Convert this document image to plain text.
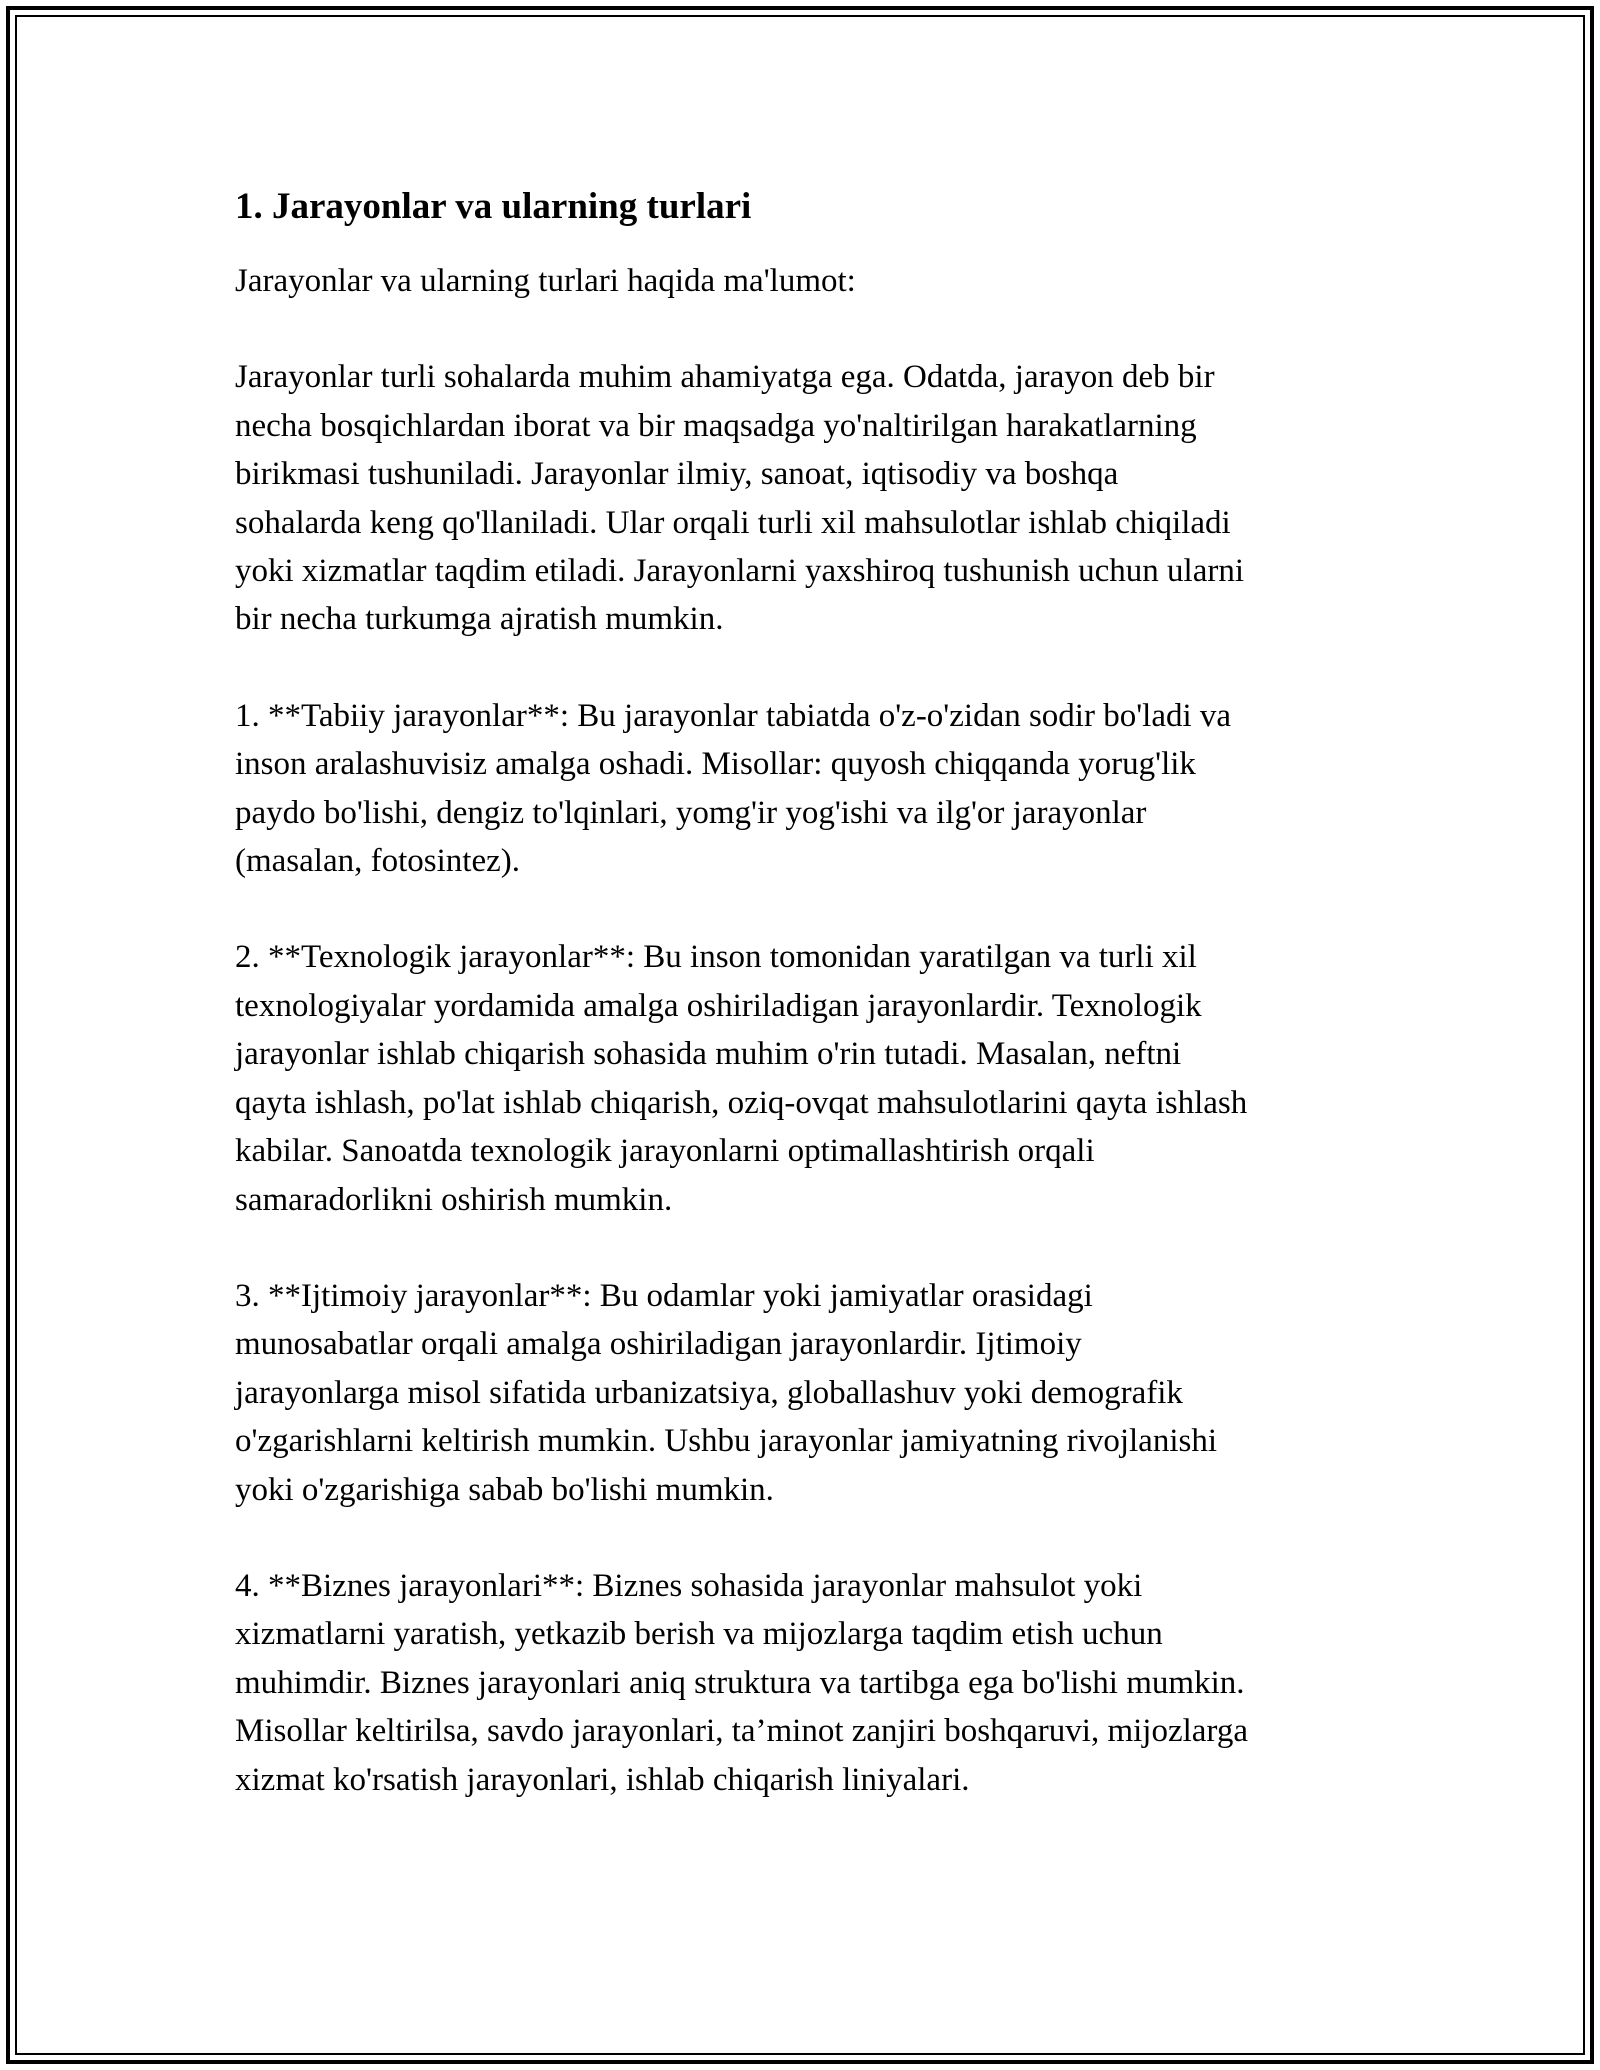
1. Jarayonlar va ularning turlari

Jarayonlar va ularning turlari haqida ma'lumot:

Jarayonlar turli sohalarda muhim ahamiyatga ega. Odatda, jarayon deb bir
necha bosqichlardan iborat va bir maqsadga yo'naltirilgan harakatlarning
birikmasi tushuniladi. Jarayonlar ilmiy, sanoat, iqtisodiy va boshqa
sohalarda keng qo'llaniladi. Ular orqali turli xil mahsulotlar ishlab chiqiladi
yoki xizmatlar taqdim etiladi. Jarayonlarni yaxshiroq tushunish uchun ularni
bir necha turkumga ajratish mumkin.

1. **Tabiiy jarayonlar**: Bu jarayonlar tabiatda o'z-o'zidan sodir bo'ladi va
inson aralashuvisiz amalga oshadi. Misollar: quyosh chiqqanda yorug'lik
paydo bo'lishi, dengiz to'lqinlari, yomg'ir yog'ishi va ilg'or jarayonlar
(masalan, fotosintez).

2. **Texnologik jarayonlar**: Bu inson tomonidan yaratilgan va turli xil
texnologiyalar yordamida amalga oshiriladigan jarayonlardir. Texnologik
jarayonlar ishlab chiqarish sohasida muhim o'rin tutadi. Masalan, neftni
qayta ishlash, po'lat ishlab chiqarish, oziq-ovqat mahsulotlarini qayta ishlash
kabilar. Sanoatda texnologik jarayonlarni optimallashtirish orqali
samaradorlikni oshirish mumkin.

3. **Ijtimoiy jarayonlar**: Bu odamlar yoki jamiyatlar orasidagi
munosabatlar orqali amalga oshiriladigan jarayonlardir. Ijtimoiy
jarayonlarga misol sifatida urbanizatsiya, globallashuv yoki demografik
o'zgarishlarni keltirish mumkin. Ushbu jarayonlar jamiyatning rivojlanishi
yoki o'zgarishiga sabab bo'lishi mumkin.

4. **Biznes jarayonlari**: Biznes sohasida jarayonlar mahsulot yoki
xizmatlarni yaratish, yetkazib berish va mijozlarga taqdim etish uchun
muhimdir. Biznes jarayonlari aniq struktura va tartibga ega bo'lishi mumkin.
Misollar keltirilsa, savdo jarayonlari, ta’minot zanjiri boshqaruvi, mijozlarga
xizmat ko'rsatish jarayonlari, ishlab chiqarish liniyalari.
